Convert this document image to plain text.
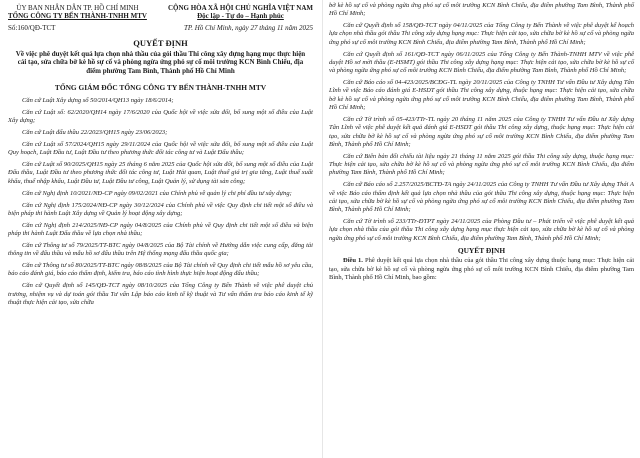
ỦY BAN NHÂN DÂN TP. HỒ CHÍ MINH
TỔNG CÔNG TY BẾN THÀNH-TNHH MTV
CỘNG HÒA XÃ HỘI CHỦ NGHĨA VIỆT NAM
Độc lập - Tự do – Hạnh phúc
Số:160/QĐ-TCT	TP. Hồ Chí Minh, ngày 27 tháng 11 năm 2025
QUYẾT ĐỊNH
Về việc phê duyệt kết quả lựa chọn nhà thầu của gói thầu Thi công xây dựng hạng mục thực hiện cải tạo, sửa chữa bờ kè hồ sự cố và phòng ngừa ứng phó sự cố môi trường KCN Bình Chiểu, địa điểm phường Tam Bình, Thành phố Hồ Chí Minh
TỔNG GIÁM ĐỐC TỔNG CÔNG TY BẾN THÀNH-TNHH MTV

Căn cứ Luật Xây dựng số 50/2014/QH13 ngày 18/6/2014;

Căn cứ Luật số: 62/2020/QH14 ngày 17/6/2020 của Quốc hội về việc sửa đổi, bổ sung một số điều của Luật Xây dựng;

Căn cứ Luật đấu thầu 22/2023/QH15 ngày 23/06/2023;

Căn cứ Luật số 57/2024/QH15 ngày 29/11/2024 của Quốc hội về việc sửa đổi, bổ sung một số điều của Luật Quy hoạch, Luật Đầu tư, Luật Đầu tư theo phương thức đối tác công tư và Luật Đấu thầu;

Căn cứ Luật số 90/2025/QH15 ngày 25 tháng 6 năm 2025 của Quốc hội sửa đổi, bổ sung một số điều của Luật Đấu thầu, Luật Đầu tư theo phương thức đối tác công tư, Luật Hải quan, Luật thuế giá trị gia tăng, Luật thuế xuất khẩu, thuế nhập khẩu, Luật Đầu tư, Luật Đầu tư công, Luật Quản lý, sử dụng tài sản công;

Căn cứ Nghị định 10/2021/NĐ-CP ngày 09/02/2021 của Chính phủ về quản lý chi phí đầu tư xây dựng;

Căn cứ Nghị định 175/2024/NĐ-CP ngày 30/12/2024 của Chính phủ về việc Quy định chi tiết một số điều và biện pháp thi hành Luật Xây dựng về Quản lý hoạt động xây dựng;

Căn cứ Nghị định 214/2025/NĐ-CP ngày 04/8/2025 của Chính phủ về Quy định chi tiết một số điều và biện pháp thi hành Luật Đấu thầu về lựa chọn nhà thầu;

Căn cứ Thông tư số 79/2025/TT-BTC ngày 04/8/2025 của Bộ Tài chính về Hướng dẫn việc cung cấp, đăng tải thông tin về đấu thầu và mẫu hồ sơ đấu thầu trên Hệ thống mạng đấu thầu quốc gia;

Căn cứ Thông tư số 80/2025/TT-BTC ngày 08/8/2025 của Bộ Tài chính về Quy định chi tiết mẫu hồ sơ yêu cầu, báo cáo đánh giá, báo cáo thẩm định, kiểm tra, báo cáo tình hình thực hiện hoạt động đấu thầu;

Căn cứ Quyết định số 145/QĐ-TCT ngày 08/10/2025 của Tổng Công ty Bến Thành về việc phê duyệt chủ trương, nhiệm vụ và dự toán gói thầu Tư vấn Lập báo cáo kinh tế kỹ thuật và Tư vấn thẩm tra báo cáo kinh tế kỹ thuật thực hiện cải tạo, sửa chữa

bờ kè hồ sự cố và phòng ngừa ứng phó sự cố môi trường KCN Bình Chiểu, địa điểm phường Tam Bình, Thành phố Hồ Chí Minh;

Căn cứ Quyết định số 158/QĐ-TCT ngày 04/11/2025 của Tổng Công ty Bến Thành về việc phê duyệt kế hoạch lựa chọn nhà thầu gói thầu Thi công xây dựng hạng mục: Thực hiện cải tạo, sửa chữa bờ kè hồ sự cố và phòng ngừa ứng phó sự cố môi trường KCN Bình Chiểu, địa điểm phường Tam Bình, Thành phố Hồ Chí Minh;

Căn cứ Quyết định số 161/QĐ-TCT ngày 06/11/2025 của Tổng Công ty Bến Thành-TNHH MTV về việc phê duyệt Hồ sơ mời thầu (E-HSMT) gói thầu Thi công xây dựng hạng mục: Thực hiện cải tạo, sửa chữa bờ kè hồ sự cố và phòng ngừa ứng phó sự cố môi trường KCN Bình Chiểu, địa điểm phường Tam Bình, Thành phố Hồ Chí Minh;

Căn cứ Báo cáo số 04-423/2025/BCĐG-TL ngày 20/11/2025 của Công ty TNHH Tư vấn Đầu tư Xây dựng Tân Lĩnh về việc Báo cáo đánh giá E-HSDT gói thầu Thi công xây dựng, thuộc hạng mục: Thực hiện cải tạo, sửa chữa bờ kè hồ sự cố và phòng ngừa ứng phó sự cố môi trường KCN Bình Chiểu, địa điểm phường Tam Bình, Thành phố Hồ Chí Minh;

Căn cứ Tờ trình số 05-423/TTr-TL ngày 20 tháng 11 năm 2025 của Công ty TNHH Tư vấn Đầu tư Xây dựng Tân Lĩnh về việc phê duyệt kết quả đánh giá E-HSDT gói thầu Thi công xây dựng, thuộc hạng mục: Thực hiện cải tạo, sửa chữa bờ kè hồ sự cố và phòng ngừa ứng phó sự cố môi trường KCN Bình Chiểu, địa điểm phường Tam Bình, Thành phố Hồ Chí Minh;

Căn cứ Biên bản đối chiếu tài liệu ngày 21 tháng 11 năm 2025 gói thầu Thi công xây dựng, thuộc hạng mục: Thực hiện cải tạo, sửa chữa bờ kè hồ sự cố và phòng ngừa ứng phó sự cố môi trường KCN Bình Chiểu, địa điểm phường Tam Bình, Thành phố Hồ Chí Minh;

Căn cứ Báo cáo số 2.257/2025/BCTĐ-TA ngày 24/11/2025 của Công ty TNHH Tư vấn Đầu tư Xây dựng Thái A về việc Báo cáo thẩm định kết quả lựa chọn nhà thầu của gói thầu Thi công xây dựng, thuộc hạng mục: Thực hiện cải tạo, sửa chữa bờ kè hồ sự cố và phòng ngừa ứng phó sự cố môi trường KCN Bình Chiểu, địa điểm phường Tam Bình, Thành phố Hồ Chí Minh;

Căn cứ Tờ trình số 233/TTr-ĐTPT ngày 24/11/2025 của Phòng Đầu tư – Phát triển về việc phê duyệt kết quả lựa chọn nhà thầu của gói thầu Thi công xây dựng hạng mục thực hiện cải tạo, sửa chữa bờ kè hồ sự cố và phòng ngừa ứng phó sự cố môi trường KCN Bình Chiểu, địa điểm phường Tam Bình, Thành phố Hồ Chí Minh;

QUYẾT ĐỊNH

Điều 1. Phê duyệt kết quả lựa chọn nhà thầu của gói thầu Thi công xây dựng thuộc hạng mục: Thực hiện cải tạo, sửa chữa bờ kè hồ sự cố và phòng ngừa ứng phó sự cố môi trường KCN Bình Chiểu, địa điểm phường Tam Bình, Thành phố Hồ Chí Minh, bao gồm:
